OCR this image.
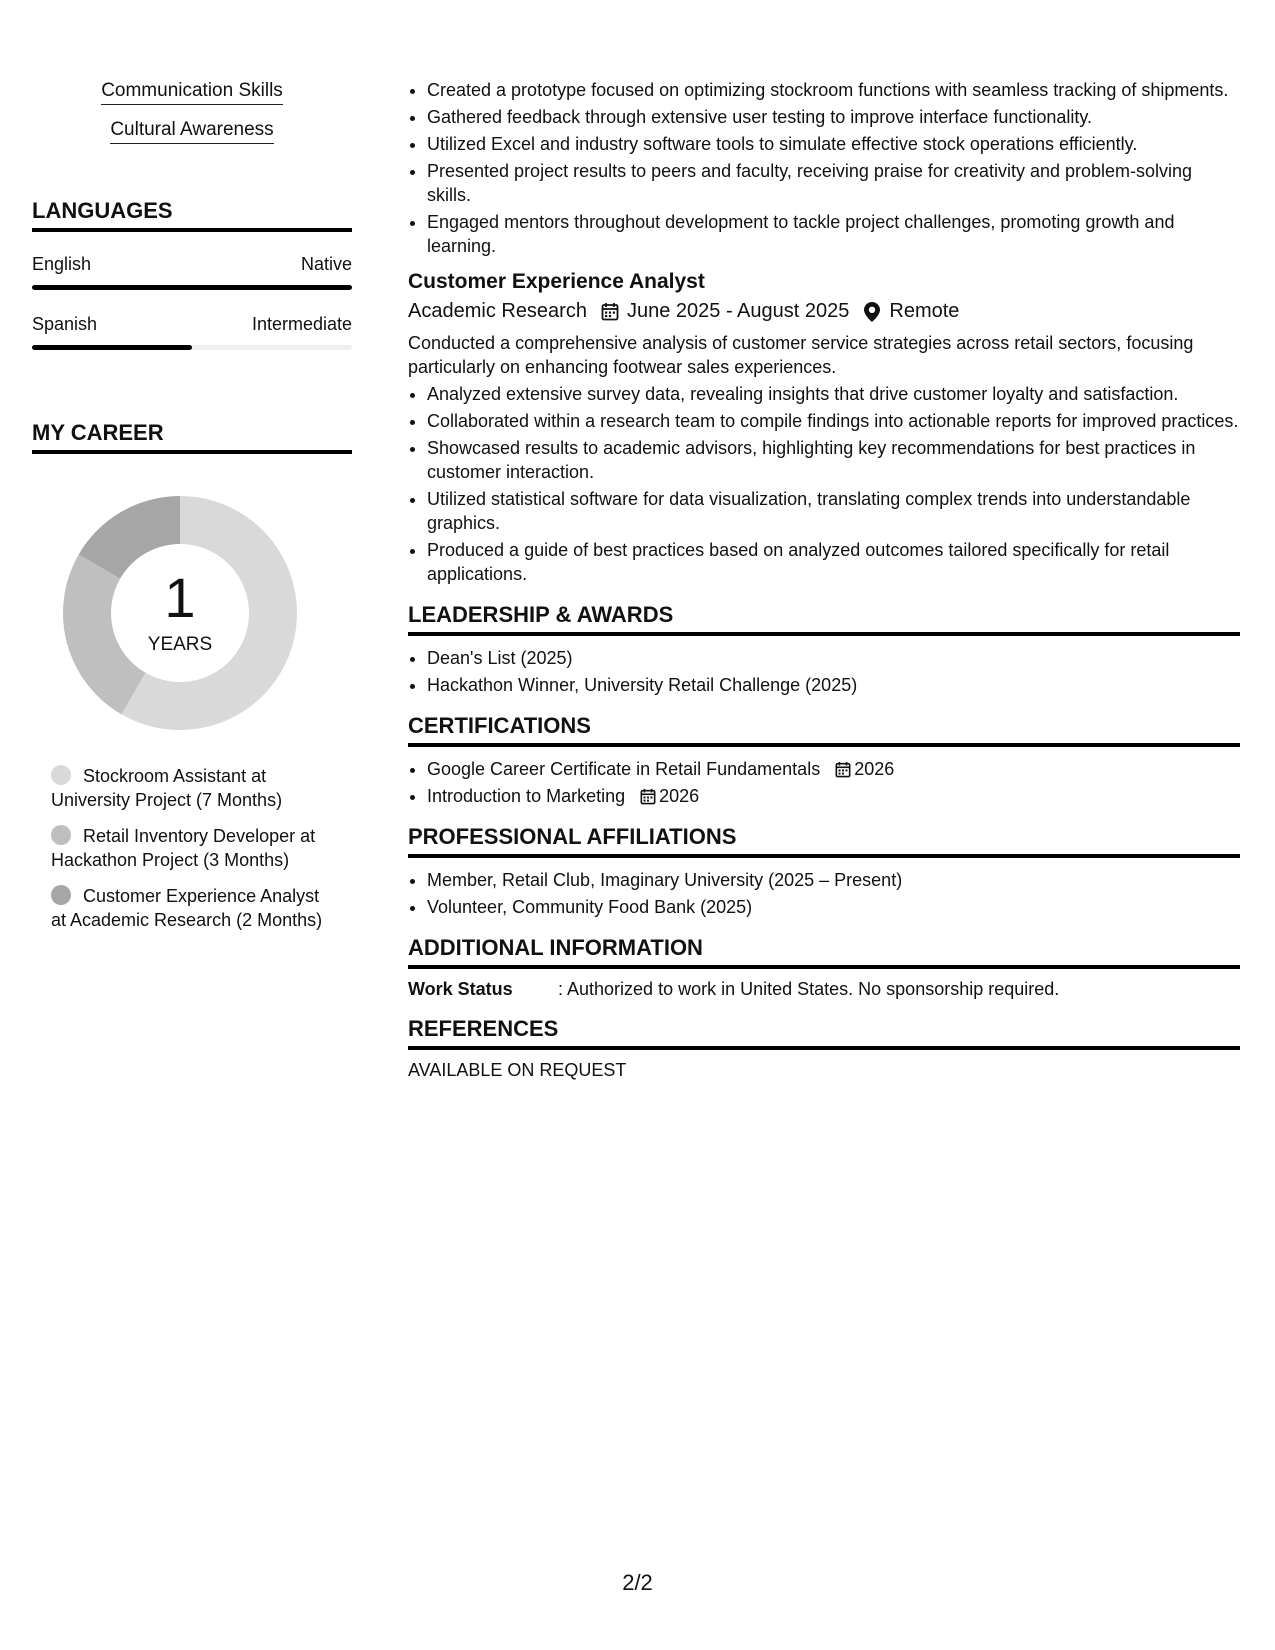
Communication Skills
Cultural Awareness
LANGUAGES
English	Native
Spanish	Intermediate
MY CAREER
1
YEARS
Stockroom Assistant at University Project (7 Months)
Retail Inventory Developer at Hackathon Project (3 Months)
Customer Experience Analyst at Academic Research (2 Months)
• Created a prototype focused on optimizing stockroom functions with seamless tracking of shipments.
• Gathered feedback through extensive user testing to improve interface functionality.
• Utilized Excel and industry software tools to simulate effective stock operations efficiently.
• Presented project results to peers and faculty, receiving praise for creativity and problem-solving skills.
• Engaged mentors throughout development to tackle project challenges, promoting growth and learning.
Customer Experience Analyst
Academic Research June 2025 - August 2025 Remote
Conducted a comprehensive analysis of customer service strategies across retail sectors, focusing particularly on enhancing footwear sales experiences.
• Analyzed extensive survey data, revealing insights that drive customer loyalty and satisfaction.
• Collaborated within a research team to compile findings into actionable reports for improved practices.
• Showcased results to academic advisors, highlighting key recommendations for best practices in customer interaction.
• Utilized statistical software for data visualization, translating complex trends into understandable graphics.
• Produced a guide of best practices based on analyzed outcomes tailored specifically for retail applications.
LEADERSHIP & AWARDS
• Dean's List (2025)
• Hackathon Winner, University Retail Challenge (2025)
CERTIFICATIONS
• Google Career Certificate in Retail Fundamentals 2026
• Introduction to Marketing 2026
PROFESSIONAL AFFILIATIONS
• Member, Retail Club, Imaginary University (2025 – Present)
• Volunteer, Community Food Bank (2025)
ADDITIONAL INFORMATION
Work Status	: Authorized to work in United States. No sponsorship required.
REFERENCES
AVAILABLE ON REQUEST
2/2
